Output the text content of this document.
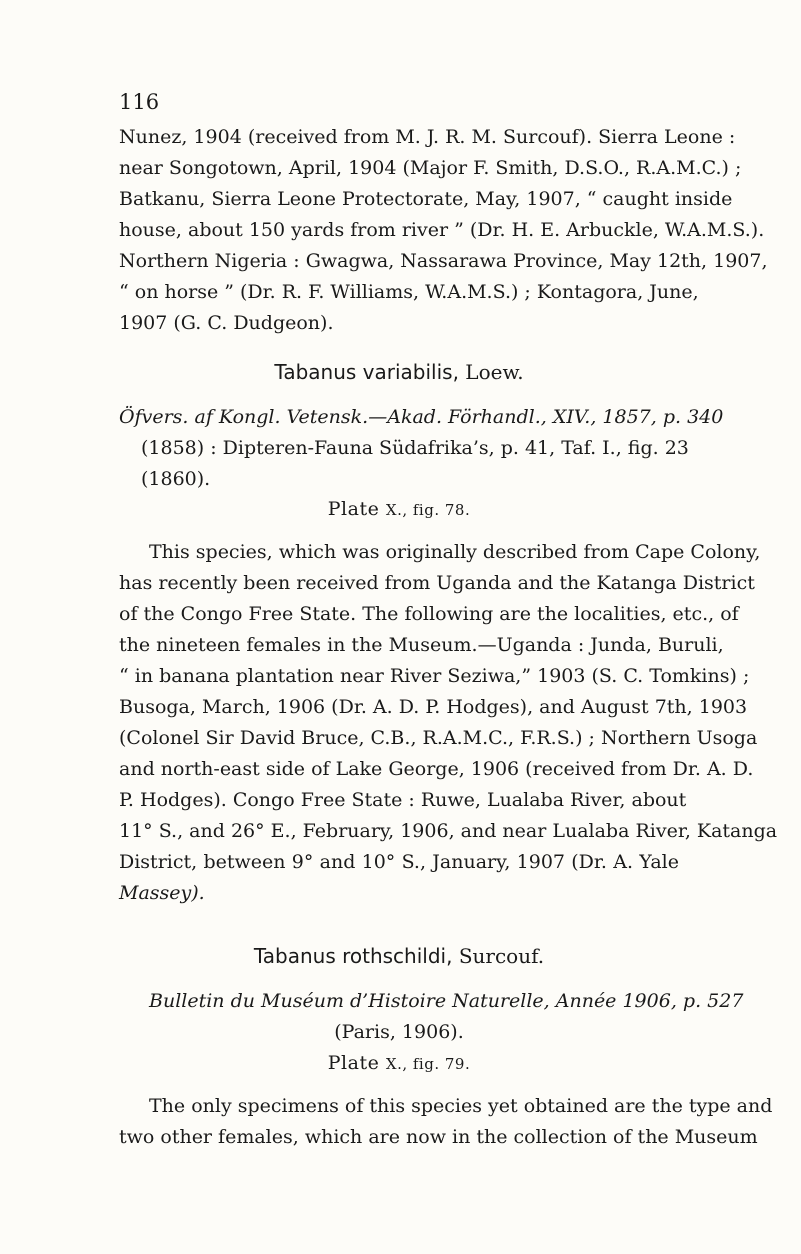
116

Nunez, 1904 (received from M. J. R. M. Surcouf). Sierra Leone :
near Songotown, April, 1904 (Major F. Smith, D.S.O., R.A.M.C.) ;
Batkanu, Sierra Leone Protectorate, May, 1907, “ caught inside
house, about 150 yards from river ” (Dr. H. E. Arbuckle, W.A.M.S.).
Northern Nigeria : Gwagwa, Nassarawa Province, May 12th, 1907,
“ on horse ” (Dr. R. F. Williams, W.A.M.S.) ; Kontagora, June,
1907 (G. C. Dudgeon).
Tabanus variabilis, Loew.
Öfvers. af Kongl. Vetensk.—Akad. Förhandl., XIV., 1857, p. 340
(1858) : Dipteren-Fauna Südafrika’s, p. 41, Taf. I., fig. 23
(1860).
Plate X., fig. 78.
This species, which was originally described from Cape Colony,
has recently been received from Uganda and the Katanga District
of the Congo Free State. The following are the localities, etc., of
the nineteen females in the Museum.—Uganda : Junda, Buruli,
“ in banana plantation near River Seziwa,” 1903 (S. C. Tomkins) ;
Busoga, March, 1906 (Dr. A. D. P. Hodges), and August 7th, 1903
(Colonel Sir David Bruce, C.B., R.A.M.C., F.R.S.) ; Northern Usoga
and north-east side of Lake George, 1906 (received from Dr. A. D.
P. Hodges). Congo Free State : Ruwe, Lualaba River, about
11° S., and 26° E., February, 1906, and near Lualaba River, Katanga
District, between 9° and 10° S., January, 1907 (Dr. A. Yale
Massey).
Tabanus rothschildi, Surcouf.
Bulletin du Muséum d’Histoire Naturelle, Année 1906, p. 527
(Paris, 1906).
Plate X., fig. 79.
The only specimens of this species yet obtained are the type and
two other females, which are now in the collection of the Museum
